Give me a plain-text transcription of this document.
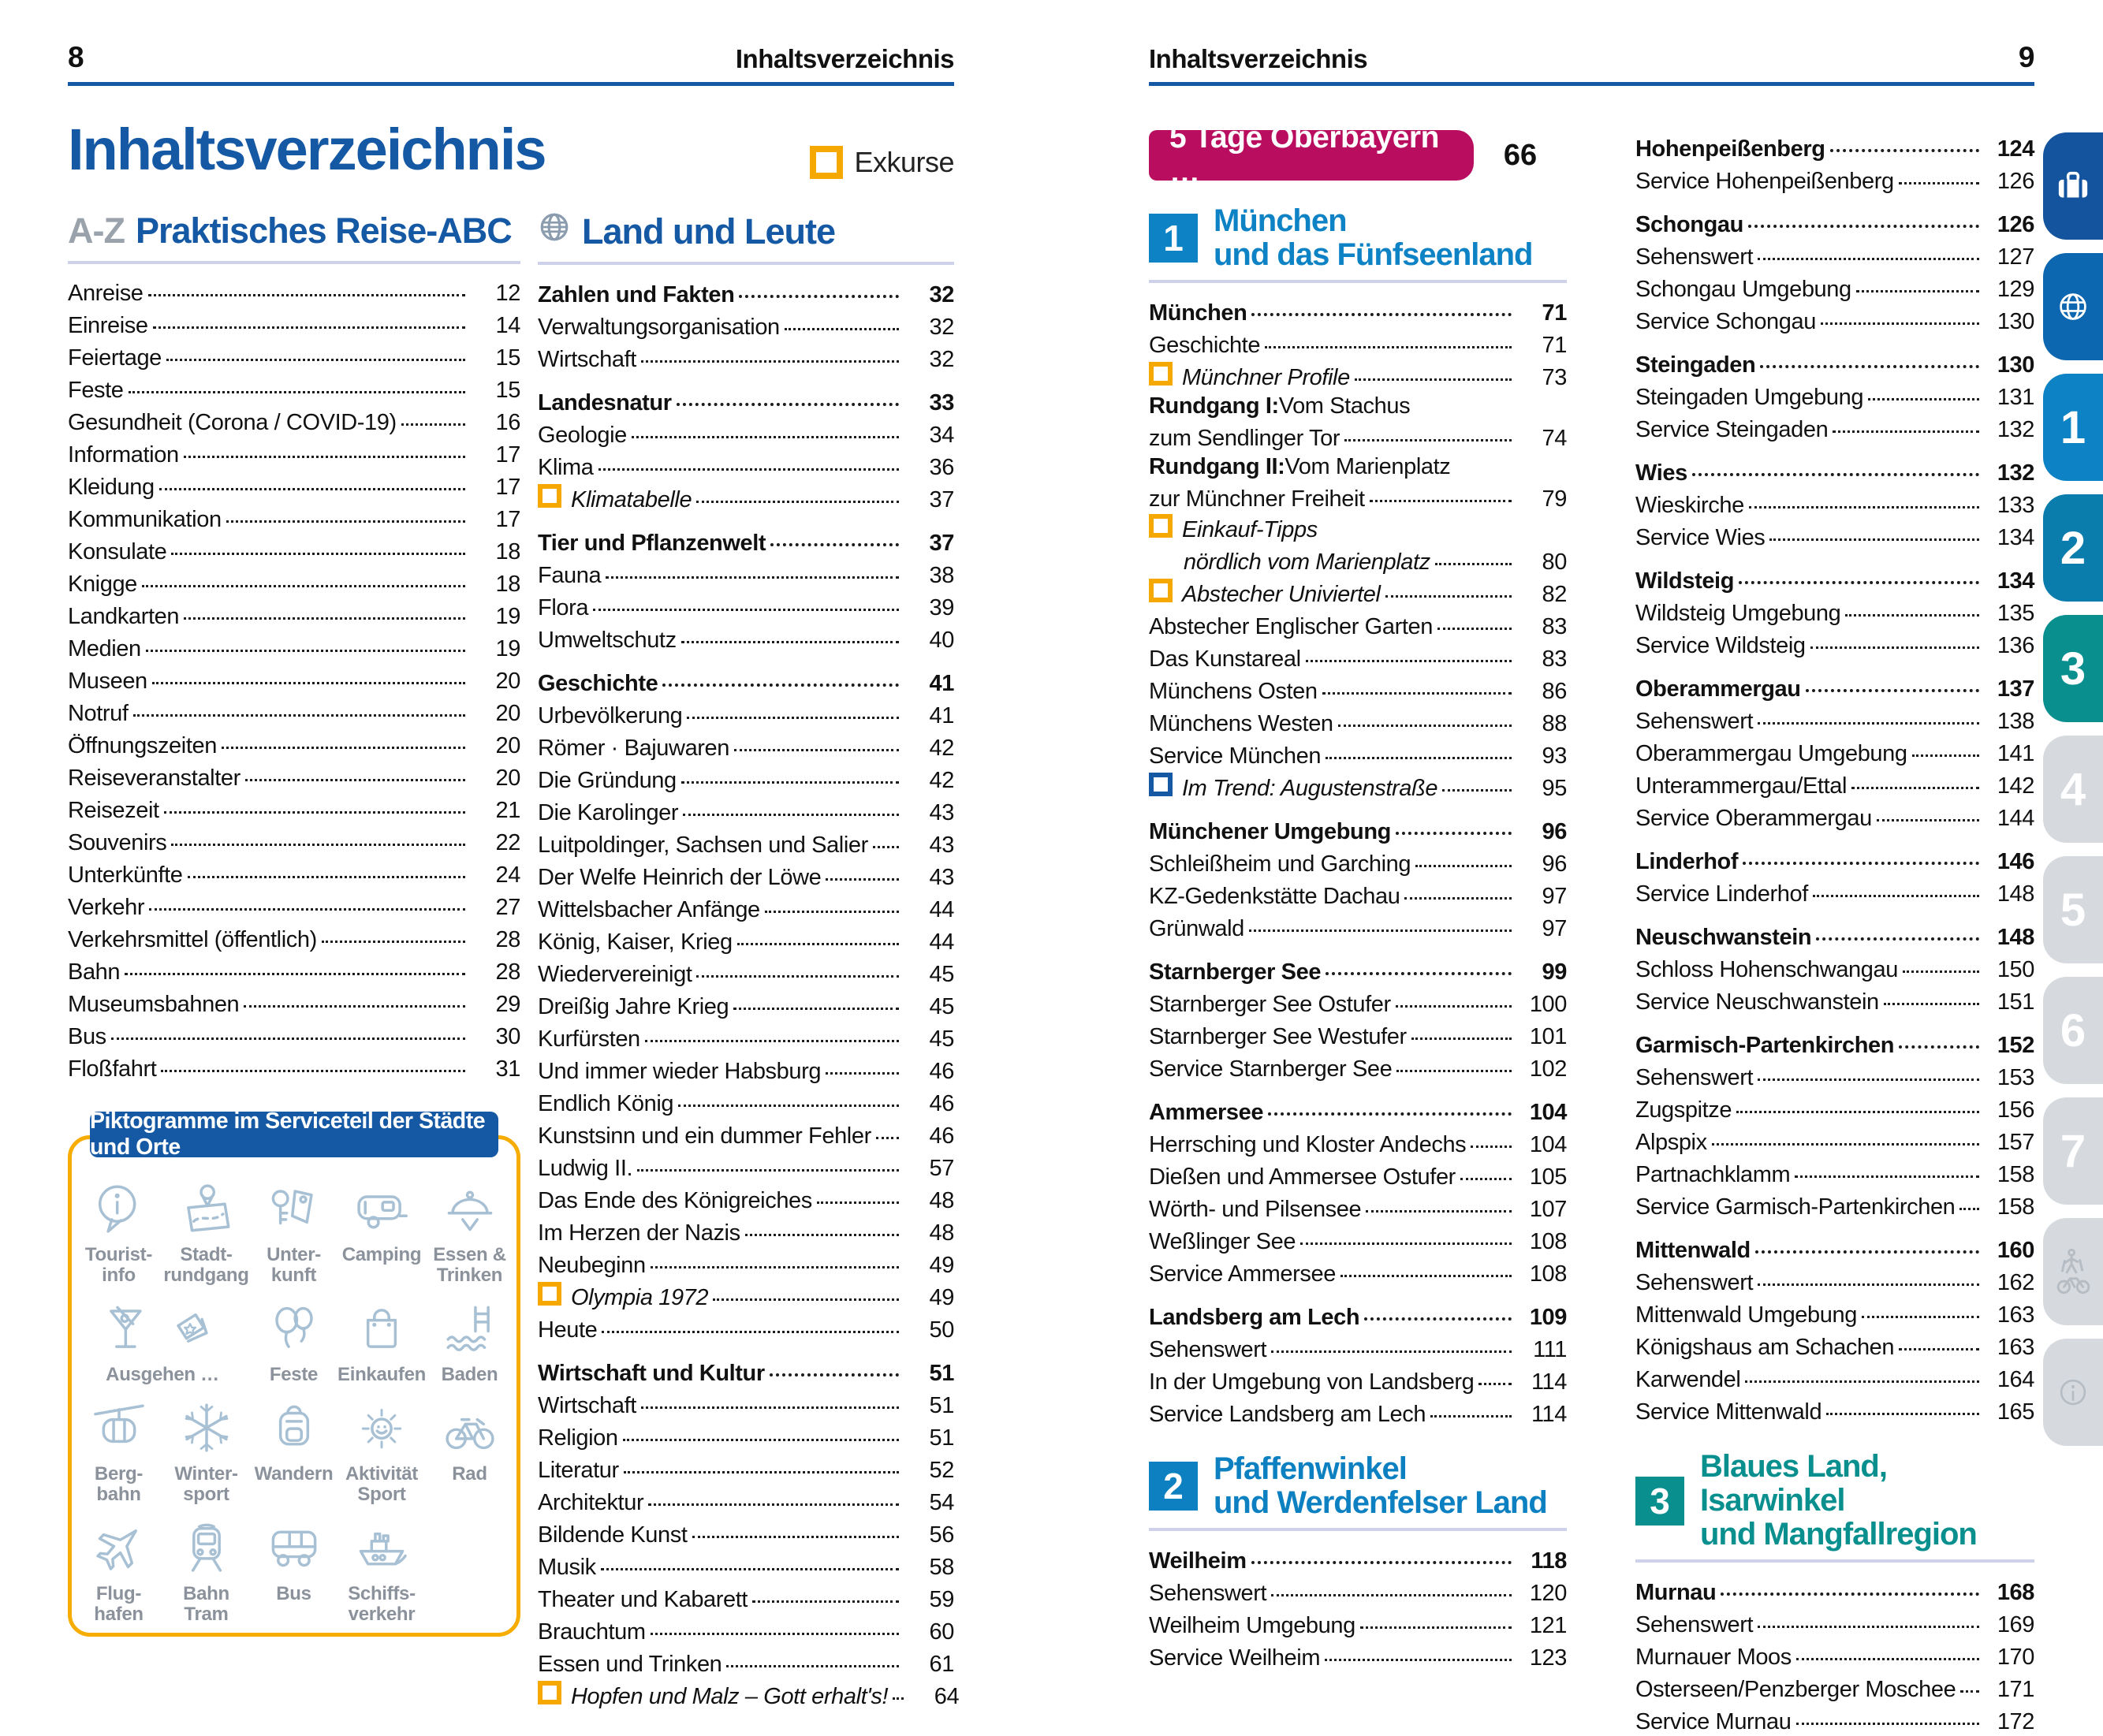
8	Inhaltsverzeichnis
Inhaltsverzeichnis	Exkurse
A-Z Praktisches Reise-ABC
Anreise	12
Einreise	14
Feiertage	15
Feste	15
Gesundheit (Corona / COVID-19)	16
Information	17
Kleidung	17
Kommunikation	17
Konsulate	18
Knigge	18
Landkarten	19
Medien	19
Museen	20
Notruf	20
Öffnungszeiten	20
Reiseveranstalter	20
Reisezeit	21
Souvenirs	22
Unterkünfte	24
Verkehr	27
Verkehrsmittel (öffentlich)	28
Bahn	28
Museumsbahnen	29
Bus	30
Floßfahrt	31
Piktogramme im Serviceteil der Städte und Orte
Tourist-
info
Stadt-
rundgang
Unter-
kunft
Camping Essen &
Trinken
Ausgehen …	Feste Einkaufen Baden
Berg-
bahn
Winter-
sport
Wandern Aktivität
Sport
Rad
Flug-
hafen
Bahn
Tram
Bus Schiffs-
verkehr
Land und Leute
Zahlen und Fakten	32
Verwaltungsorganisation	32
Wirtschaft	32
Landesnatur	33
Geologie	34
Klima	36
Klimatabelle	37
Tier und Pflanzenwelt	37
Fauna	38
Flora	39
Umweltschutz	40
Geschichte	41
Urbevölkerung	41
Römer · Bajuwaren	42
Die Gründung	42
Die Karolinger	43
Luitpoldinger, Sachsen und Salier	43
Der Welfe Heinrich der Löwe	43
Wittelsbacher Anfänge	44
König, Kaiser, Krieg	44
Wiedervereinigt	45
Dreißig Jahre Krieg	45
Kurfürsten	45
Und immer wieder Habsburg	46
Endlich König	46
Kunstsinn und ein dummer Fehler	46
Ludwig II.	57
Das Ende des Königreiches	48
Im Herzen der Nazis	48
Neubeginn	49
Olympia 1972	49
Heute	50
Wirtschaft und Kultur	51
Wirtschaft	51
Religion	51
Literatur	52
Architektur	54
Bildende Kunst	56
Musik	58
Theater und Kabarett	59
Brauchtum	60
Essen und Trinken	61
Hopfen und Malz – Gott erhalt's!	64
Inhaltsverzeichnis	9
5 Tage Oberbayern …
66
1 München
und das Fünfseenland
München	71
Geschichte	71
Münchner Profile	73
Rundgang I: Vom Stachus
zum Sendlinger Tor	74
Rundgang II: Vom Marienplatz
zur Münchner Freiheit	79
Einkauf-Tipps
nördlich vom Marienplatz	80
Abstecher Univiertel	82
Abstecher Englischer Garten	83
Das Kunstareal	83
Münchens Osten	86
Münchens Westen	88
Service München	93
Im Trend: Augustenstraße	95
Münchener Umgebung	96
Schleißheim und Garching	96
KZ-Gedenkstätte Dachau	97
Grünwald	97
Starnberger See	99
Starnberger See Ostufer	100
Starnberger See Westufer	101
Service Starnberger See	102
Ammersee	104
Herrsching und Kloster Andechs	104
Dießen und Ammersee Ostufer	105
Wörth- und Pilsensee	107
Weßlinger See	108
Service Ammersee	108
Landsberg am Lech	109
Sehenswert	111
In der Umgebung von Landsberg	114
Service Landsberg am Lech	114
2 Pfaffenwinkel
und Werdenfelser Land
Weilheim	118
Sehenswert	120
Weilheim Umgebung	121
Service Weilheim	123
Hohenpeißenberg	124
Service Hohenpeißenberg	126
Schongau	126
Sehenswert	127
Schongau Umgebung	129
Service Schongau	130
Steingaden	130
Steingaden Umgebung	131
Service Steingaden	132
Wies	132
Wieskirche	133
Service Wies	134
Wildsteig	134
Wildsteig Umgebung	135
Service Wildsteig	136
Oberammergau	137
Sehenswert	138
Oberammergau Umgebung	141
Unterammergau/Ettal	142
Service Oberammergau	144
Linderhof	146
Service Linderhof	148
Neuschwanstein	148
Schloss Hohenschwangau	150
Service Neuschwanstein	151
Garmisch-Partenkirchen	152
Sehenswert	153
Zugspitze	156
Alpspix	157
Partnachklamm	158
Service Garmisch-Partenkirchen	158
Mittenwald	160
Sehenswert	162
Mittenwald Umgebung	163
Königshaus am Schachen	163
Karwendel	164
Service Mittenwald	165
3
Blaues Land, Isarwinkel
und Mangfallregion
Murnau	168
Sehenswert	169
Murnauer Moos	170
Osterseen/Penzberger Moschee	171
Service Murnau	172
1
2
3
4
5
6
7
